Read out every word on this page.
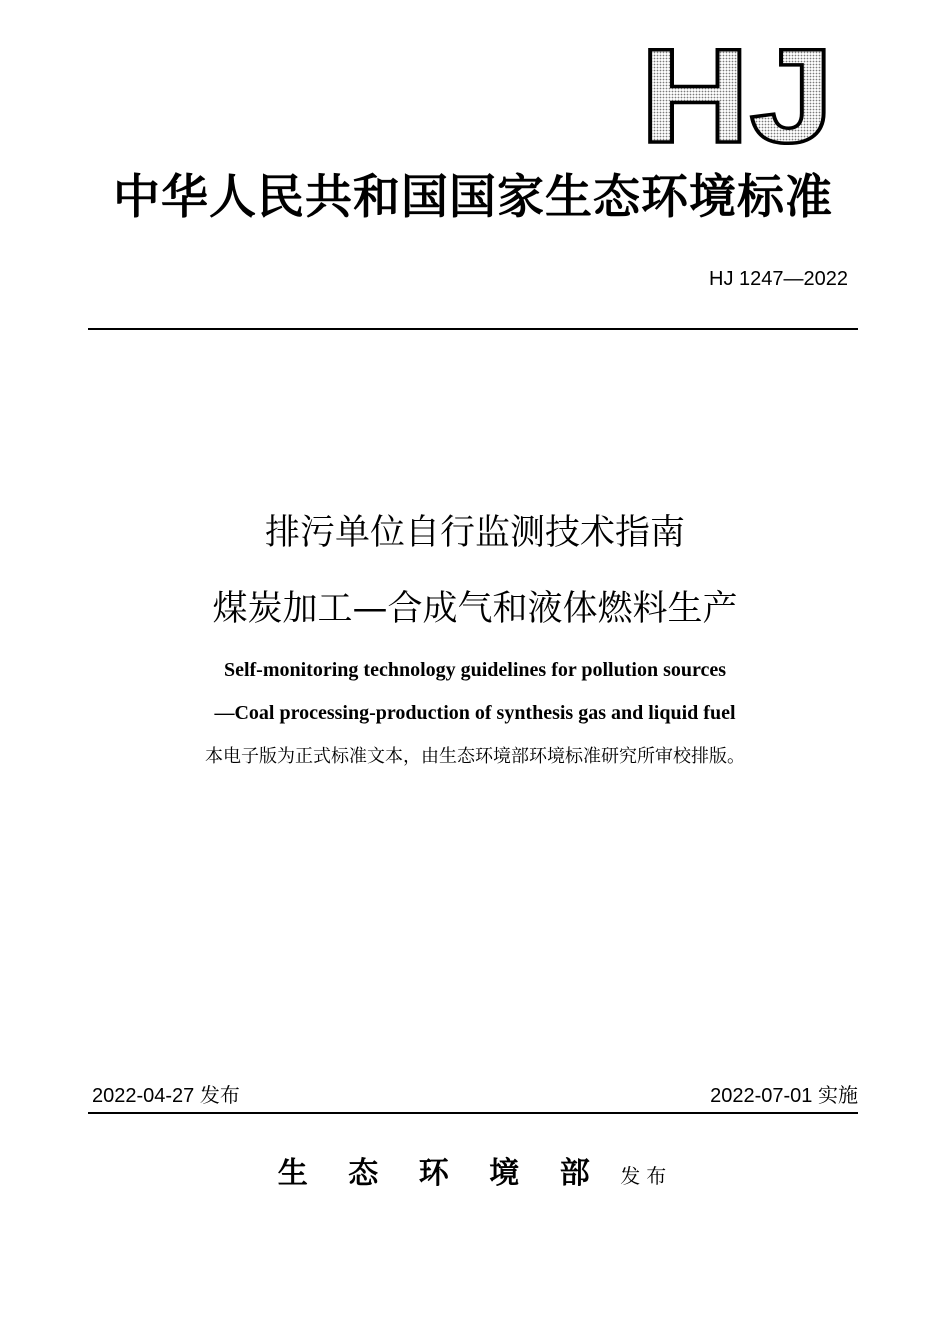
HJ
中华人民共和国国家生态环境标准
HJ 1247—2022
排污单位自行监测技术指南
煤炭加工—合成气和液体燃料生产
Self-monitoring technology guidelines for pollution sources
—Coal processing-production of synthesis gas and liquid fuel
本电子版为正式标准文本，由生态环境部环境标准研究所审校排版。
2022-04-27 发布	2022-07-01 实施
生态环境部发布
